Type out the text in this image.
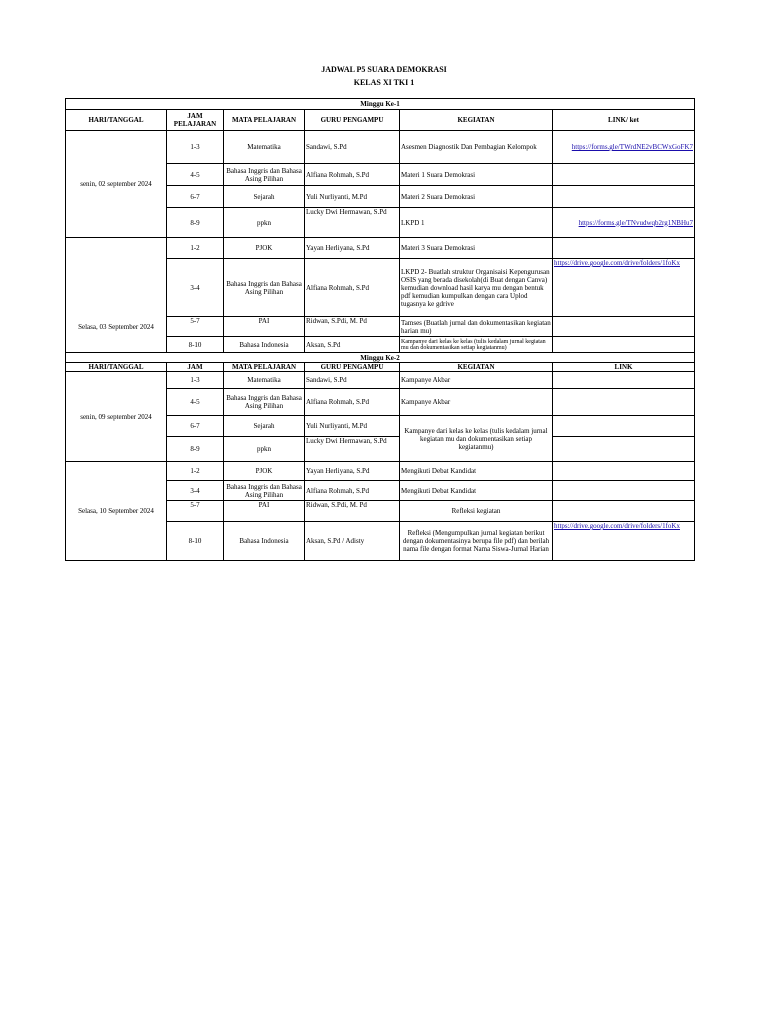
JADWAL P5 SUARA DEMOKRASI
KELAS XI TKI 1
Minggu Ke-1					
HARI/TANGGAL	JAM PELAJARAN	MATA PELAJARAN	GURU PENGAMPU	KEGIATAN	LINK/ ket
senin, 02 september 2024	1-3	Matematika	Sandawi, S.Pd	Asesmen Diagnostik Dan Pembagian Kelompok	https://forms.gle/TWrdNE2vBCWxGoFK7

	4-5	Bahasa Inggris dan Bahasa Asing Pilihan	Alfiana Rohmah, S.Pd	Materi 1 Suara Demokrasi	
	6-7	Sejarah	Yuli Nurliyanti, M.Pd	Materi 2 Suara Demokrasi	
	8-9	ppkn	Lucky Dwi Hermawan, S.Pd	LKPD 1	https://forms.gle/TNvudwqb2rg1NBHu7

Selasa, 03 September 2024	1-2	PJOK	Yayan Herliyana, S.Pd	Materi 3 Suara Demokrasi	
	3-4	Bahasa Inggris dan Bahasa Asing Pilihan	Alfiana Rohmah, S.Pd	LKPD 2- Buatlah struktur Organisaisi Kepengurusan OSIS yang berada disekolah(di Buat dengan Canva) kemudian download hasil karya mu dengan bentuk pdf kemudian kumpulkan dengan cara Uplod tugasnya ke gdrive	https://drive.google.com/drive/folders/1foKx

	5-7	PAI	Ridwan, S.Pdi, M. Pd	Tamses (Buatlah jurnal dan dokumentasikan kegiatan harian mu)	
	8-10	Bahasa Indonesia	Aksan, S.Pd	Kampanye dari kelas ke kelas (tulis kedalam jurnal kegiatan mu dan dokumentasikan setiap kegiatanmu)	
Minggu Ke-2					
HARI/TANGGAL	JAM	MATA PELAJARAN	GURU PENGAMPU	KEGIATAN	LINK
senin, 09 september 2024	1-3	Matematika	Sandawi, S.Pd	Kampanye Akbar	
	4-5	Bahasa Inggris dan Bahasa Asing Pilihan	Alfiana Rohmah, S.Pd	Kampanye Akbar	
	6-7	Sejarah	Yuli Nurliyanti, M.Pd	Kampanye dari kelas ke kelas (tulis kedalam jurnal kegiatan mu dan dokumentasikan setiap kegiatanmu)	
	8-9	ppkn	Lucky Dwi Hermawan, S.Pd		
Selasa, 10 September 2024	1-2	PJOK	Yayan Herliyana, S.Pd	Mengikuti Debat Kandidat	
	3-4	Bahasa Inggris dan Bahasa Asing Pilihan	Alfiana Rohmah, S.Pd	Mengikuti Debat Kandidat	
	5-7	PAI	Ridwan, S.Pdi, M. Pd	Refleksi kegiatan	
	8-10	Bahasa Indonesia	Aksan, S.Pd / Adisty	Refleksi (Mengumpulkan jurnal kegiatan berikut dengan dokumentasinya berupa file pdf) dan berilah nama file dengan format Nama Siswa-Jurnal Harian	https://drive.google.com/drive/folders/1foKx
